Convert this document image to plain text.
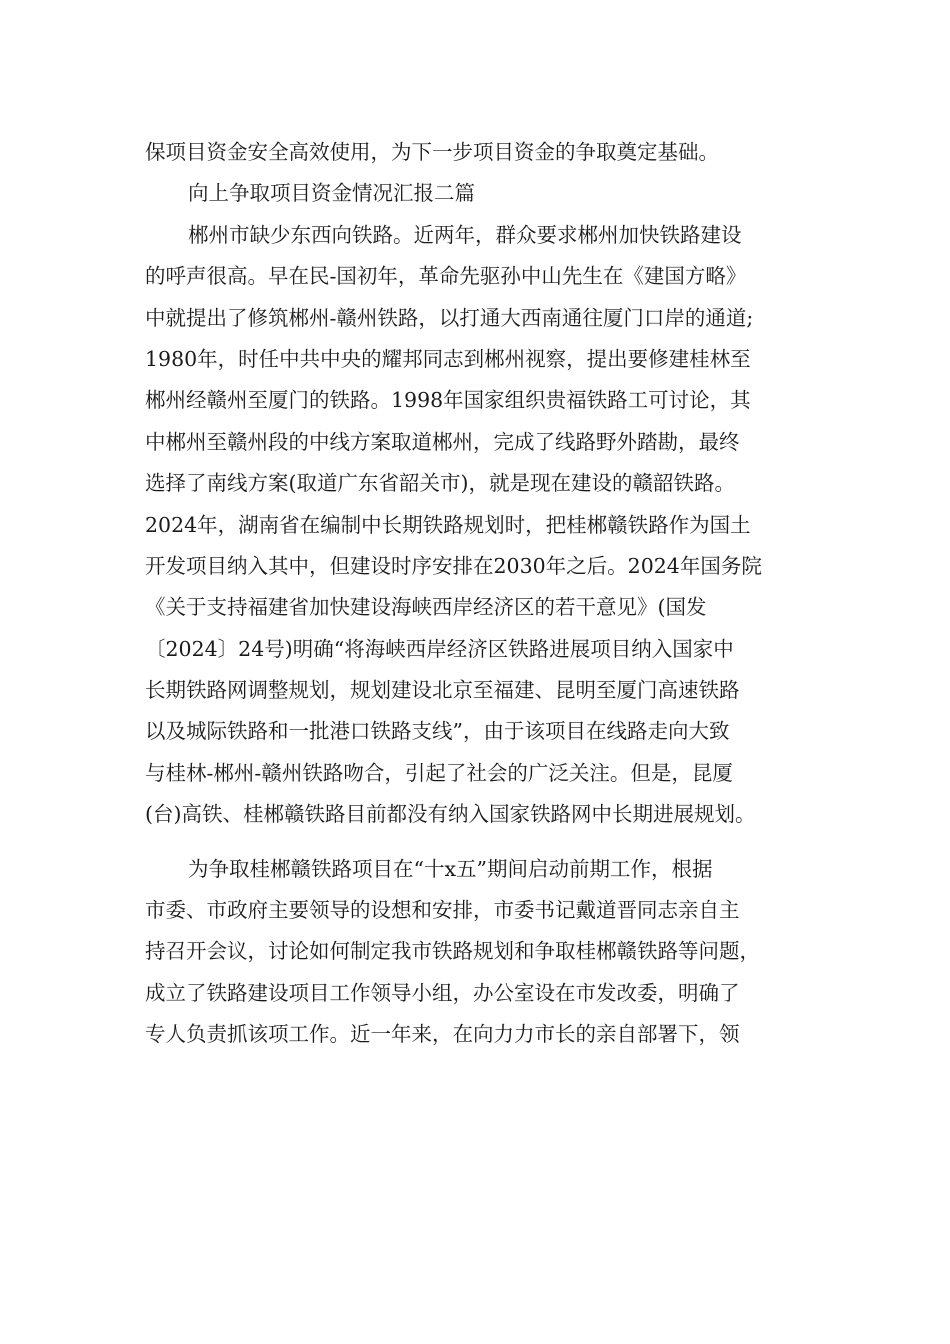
保项目资金安全高效使用，为下一步项目资金的争取奠定基础。
向上争取项目资金情况汇报二篇
郴州市缺少东西向铁路。近两年，群众要求郴州加快铁路建设
的呼声很高。早在民-国初年，革命先驱孙中山先生在《建国方略》
中就提出了修筑郴州-赣州铁路，以打通大西南通往厦门口岸的通道;
1980年，时任中共中央的耀邦同志到郴州视察，提出要修建桂林至
郴州经赣州至厦门的铁路。1998年国家组织贵福铁路工可讨论，其
中郴州至赣州段的中线方案取道郴州，完成了线路野外踏勘，最终
选择了南线方案(取道广东省韶关市)，就是现在建设的赣韶铁路。
2024年，湖南省在编制中长期铁路规划时，把桂郴赣铁路作为国土
开发项目纳入其中，但建设时序安排在2030年之后。2024年国务院
《关于支持福建省加快建设海峡西岸经济区的若干意见》(国发
〔2024〕24号)明确“将海峡西岸经济区铁路进展项目纳入国家中
长期铁路网调整规划，规划建设北京至福建、昆明至厦门高速铁路
以及城际铁路和一批港口铁路支线”，由于该项目在线路走向大致
与桂林-郴州-赣州铁路吻合，引起了社会的广泛关注。但是，昆厦
(台)高铁、桂郴赣铁路目前都没有纳入国家铁路网中长期进展规划。
为争取桂郴赣铁路项目在“十x五”期间启动前期工作，根据
市委、市政府主要领导的设想和安排，市委书记戴道晋同志亲自主
持召开会议，讨论如何制定我市铁路规划和争取桂郴赣铁路等问题，
成立了铁路建设项目工作领导小组，办公室设在市发改委，明确了
专人负责抓该项工作。近一年来，在向力力市长的亲自部署下，领
